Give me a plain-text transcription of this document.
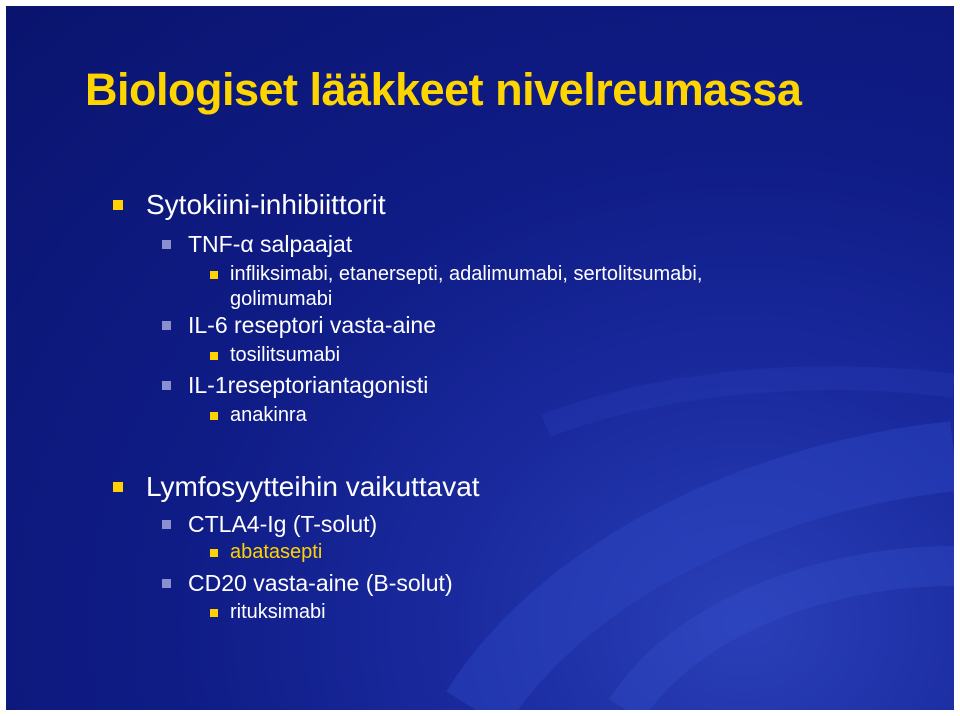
Biologiset lääkkeet nivelreumassa
Sytokiini-inhibiittorit
TNF-α salpaajat
infliksimabi, etanersepti, adalimumabi, sertolitsumabi,
golimumabi
IL-6 reseptori vasta-aine
tosilitsumabi
IL-1reseptoriantagonisti
anakinra
Lymfosyytteihin vaikuttavat
CTLA4-Ig (T-solut)
abatasepti
CD20 vasta-aine (B-solut)
rituksimabi
